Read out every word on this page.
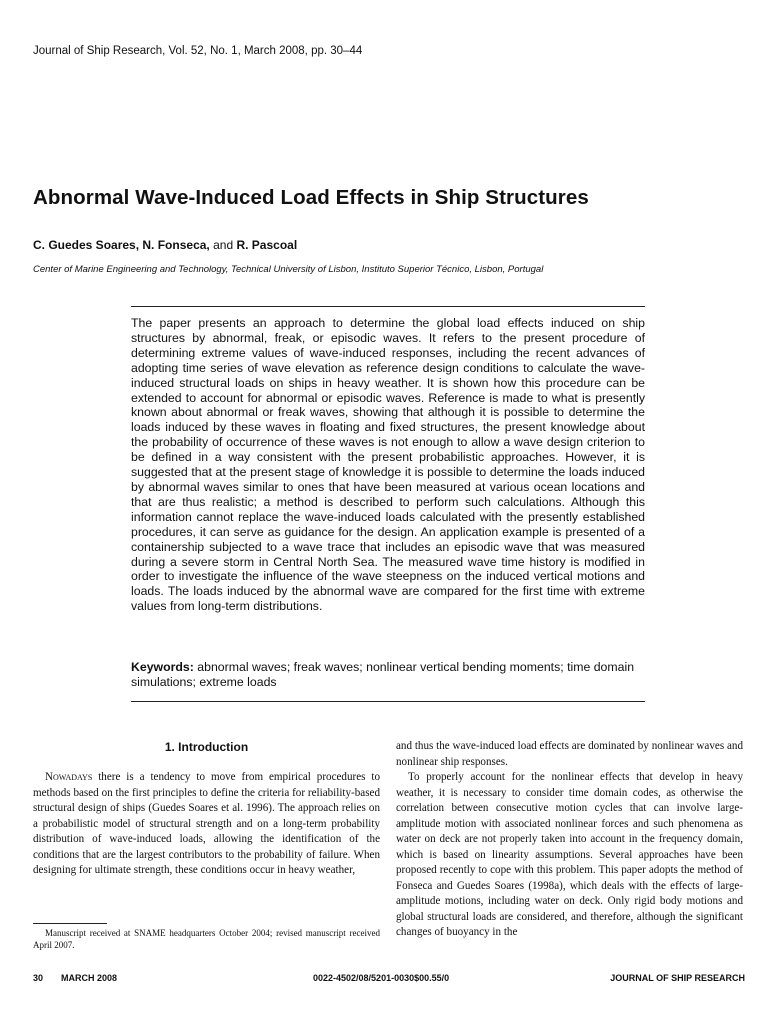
Journal of Ship Research, Vol. 52, No. 1, March 2008, pp. 30–44
Abnormal Wave-Induced Load Effects in Ship Structures
C. Guedes Soares, N. Fonseca, and R. Pascoal
Center of Marine Engineering and Technology, Technical University of Lisbon, Instituto Superior Técnico, Lisbon, Portugal

The paper presents an approach to determine the global load effects induced on ship structures by abnormal, freak, or episodic waves. It refers to the present procedure of determining extreme values of wave-induced responses, including the recent advances of adopting time series of wave elevation as reference design conditions to calculate the wave-induced structural loads on ships in heavy weather. It is shown how this procedure can be extended to account for abnormal or episodic waves. Reference is made to what is presently known about abnormal or freak waves, showing that although it is possible to determine the loads induced by these waves in floating and fixed structures, the present knowledge about the probability of occurrence of these waves is not enough to allow a wave design criterion to be defined in a way consistent with the present probabilistic approaches. However, it is suggested that at the present stage of knowledge it is possible to determine the loads induced by abnormal waves similar to ones that have been measured at various ocean locations and that are thus realistic; a method is described to perform such calculations. Although this information cannot replace the wave-induced loads calculated with the presently established procedures, it can serve as guidance for the design. An application example is presented of a containership subjected to a wave trace that includes an episodic wave that was measured during a severe storm in Central North Sea. The measured wave time history is modified in order to investigate the influence of the wave steepness on the induced vertical motions and loads. The loads induced by the abnormal wave are compared for the first time with extreme values from long-term distributions.

Keywords: abnormal waves; freak waves; nonlinear vertical bending moments; time domain simulations; extreme loads

1. Introduction

Nowadays there is a tendency to move from empirical procedures to methods based on the first principles to define the criteria for reliability-based structural design of ships (Guedes Soares et al. 1996). The approach relies on a probabilistic model of structural strength and on a long-term probability distribution of wave-induced loads, allowing the identification of the conditions that are the largest contributors to the probability of failure. When designing for ultimate strength, these conditions occur in heavy weather,

and thus the wave-induced load effects are dominated by nonlinear waves and nonlinear ship responses.

To properly account for the nonlinear effects that develop in heavy weather, it is necessary to consider time domain codes, as otherwise the correlation between consecutive motion cycles that can involve large-amplitude motion with associated nonlinear forces and such phenomena as water on deck are not properly taken into account in the frequency domain, which is based on linearity assumptions. Several approaches have been proposed recently to cope with this problem. This paper adopts the method of Fonseca and Guedes Soares (1998a), which deals with the effects of large-amplitude motions, including water on deck. Only rigid body motions and global structural loads are considered, and therefore, although the significant changes of buoyancy in the

Manuscript received at SNAME headquarters October 2004; revised manuscript received April 2007.

30 MARCH 2008	0022-4502/08/5201-0030$00.55/0	JOURNAL OF SHIP RESEARCH
